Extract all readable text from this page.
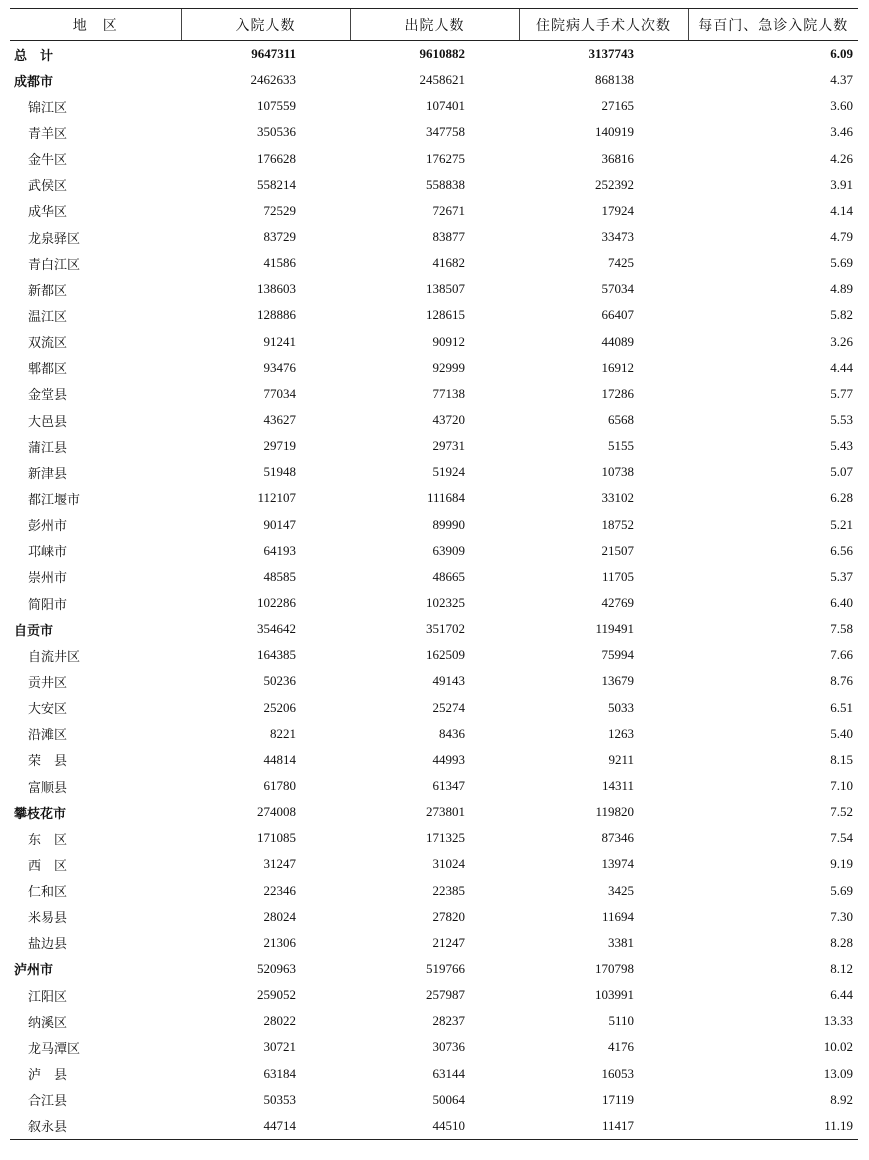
地　区	入院人数	出院人数	住院病人手术人次数	每百门、急诊入院人数
总　计	9647311	9610882	3137743	6.09
成都市	2462633	2458621	868138	4.37
锦江区	107559	107401	27165	3.60
青羊区	350536	347758	140919	3.46
金牛区	176628	176275	36816	4.26
武侯区	558214	558838	252392	3.91
成华区	72529	72671	17924	4.14
龙泉驿区	83729	83877	33473	4.79
青白江区	41586	41682	7425	5.69
新都区	138603	138507	57034	4.89
温江区	128886	128615	66407	5.82
双流区	91241	90912	44089	3.26
郫都区	93476	92999	16912	4.44
金堂县	77034	77138	17286	5.77
大邑县	43627	43720	6568	5.53
蒲江县	29719	29731	5155	5.43
新津县	51948	51924	10738	5.07
都江堰市	112107	111684	33102	6.28
彭州市	90147	89990	18752	5.21
邛崃市	64193	63909	21507	6.56
崇州市	48585	48665	11705	5.37
简阳市	102286	102325	42769	6.40
自贡市	354642	351702	119491	7.58
自流井区	164385	162509	75994	7.66
贡井区	50236	49143	13679	8.76
大安区	25206	25274	5033	6.51
沿滩区	8221	8436	1263	5.40
荣　县	44814	44993	9211	8.15
富顺县	61780	61347	14311	7.10
攀枝花市	274008	273801	119820	7.52
东　区	171085	171325	87346	7.54
西　区	31247	31024	13974	9.19
仁和区	22346	22385	3425	5.69
米易县	28024	27820	11694	7.30
盐边县	21306	21247	3381	8.28
泸州市	520963	519766	170798	8.12
江阳区	259052	257987	103991	6.44
纳溪区	28022	28237	5110	13.33
龙马潭区	30721	30736	4176	10.02
泸　县	63184	63144	16053	13.09
合江县	50353	50064	17119	8.92
叙永县	44714	44510	11417	11.19
